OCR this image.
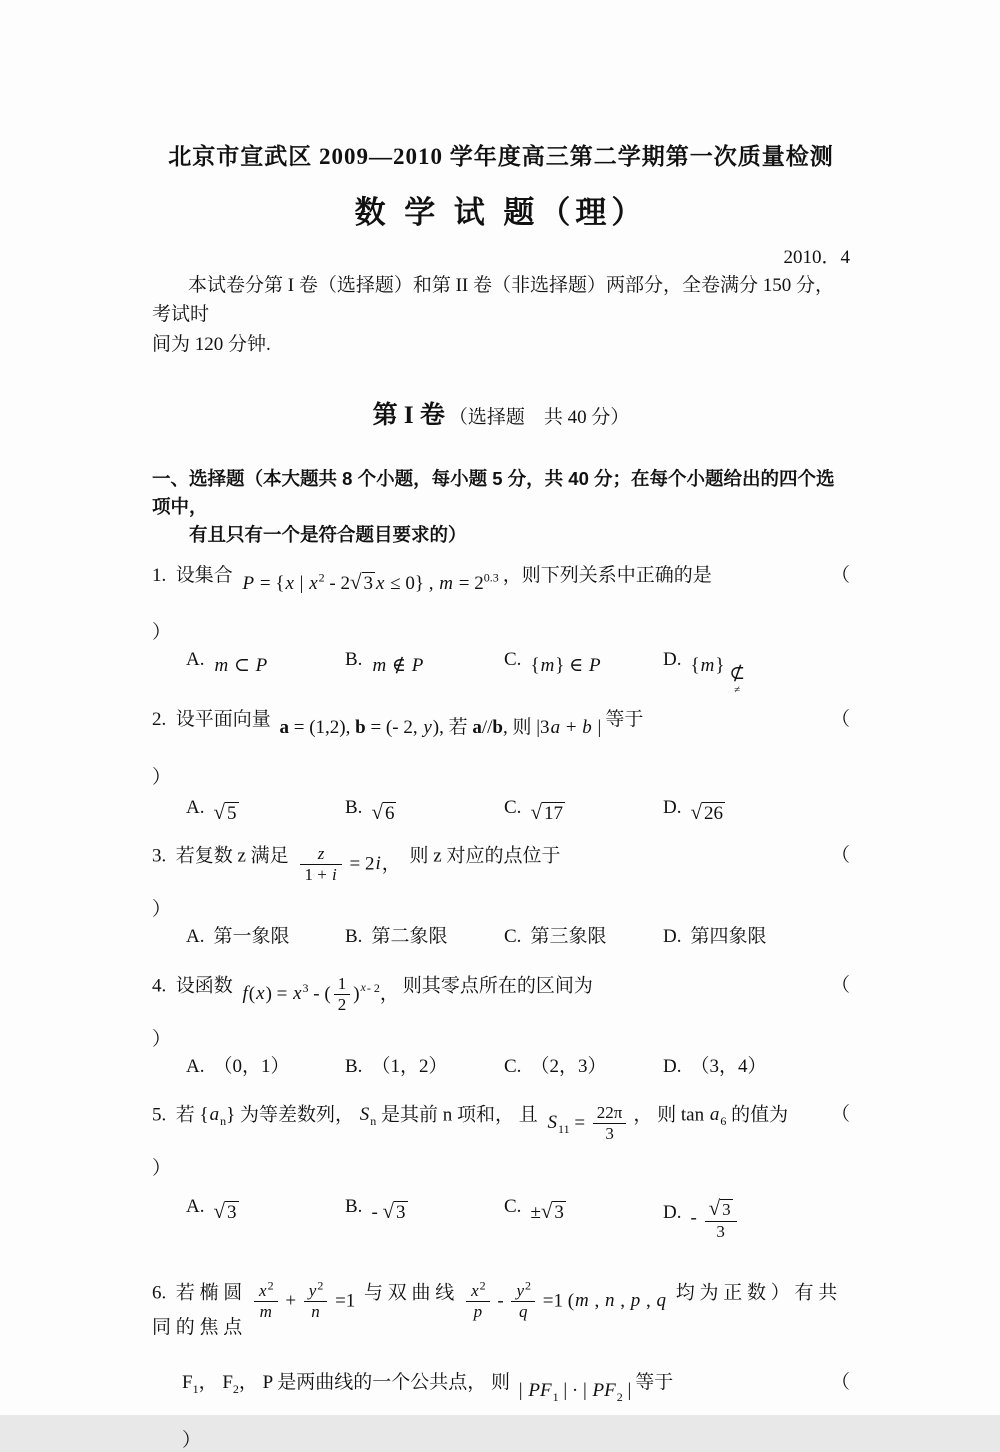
北京市宣武区 2009—2010 学年度高三第二学期第一次质量检测
数 学 试 题（理）
2010．4
本试卷分第 I 卷（选择题）和第 II 卷（非选择题）两部分，全卷满分 150 分，考试时
间为 120 分钟.
第 I 卷 （选择题　共 40 分）
一、选择题（本大题共 8 个小题，每小题 5 分，共 40 分；在每个小题给出的四个选项中，
有且只有一个是符合题目要求的）
1.  设集合 P = {x | $x^2 - 2√$ 3 x ≤ 0} , $m = 2^{0.3}$ ，则下列关系中正确的是	（
）
A. m ⊂ P	B. m ∉ P	C. {m} ∈ P	D. {m} ⊄
≠
2.  设平面向量 a = (1,2), b = (- 2, y), 若 a//b, 则 |3a + b | 等于	（
）
A. √ 5	B. √ 6	C. √ 17	D. √ 26
3.  若复数 z 满足 $\frac{z}{1 + i} = 2i$， 则 z 对应的点位于	（
）
A. 第一象限	B. 第二象限	C. 第三象限	D. 第四象限
4.  设函数 $f(x) = x^3$ - ( $\frac{1}{2} )^{x- 2}$， 则其零点所在的区间为	（
）
A. （0，1）	B. （1，2）	C. （2，3）	D. （3，4）
5.  若 $\{a_n\}$ 为等差数列， $S_n$ 是其前 n 项和， 且 $S_{11} = \frac{22\pi}{3}$ ， 则 $\tan a_6$ 的值为 （
）
A. √ 3	B. - √ 3	C. ±√ 3	D. - $\frac{√ 3}{3}$
6.  若 椭 圆 $\frac{x^2}{m} + \frac{y^2}{n} =1$ 与 双 曲 线 $\frac{x^2}{p} - \frac{y^2}{q} =1$ (m , n , p , q 均 为 正 数 ） 有 共 同 的 焦 点
$F_1$， $F_2$， P 是两曲线的一个公共点， 则 | $PF_1$ | · | $PF_2$ | 等于	（
）
